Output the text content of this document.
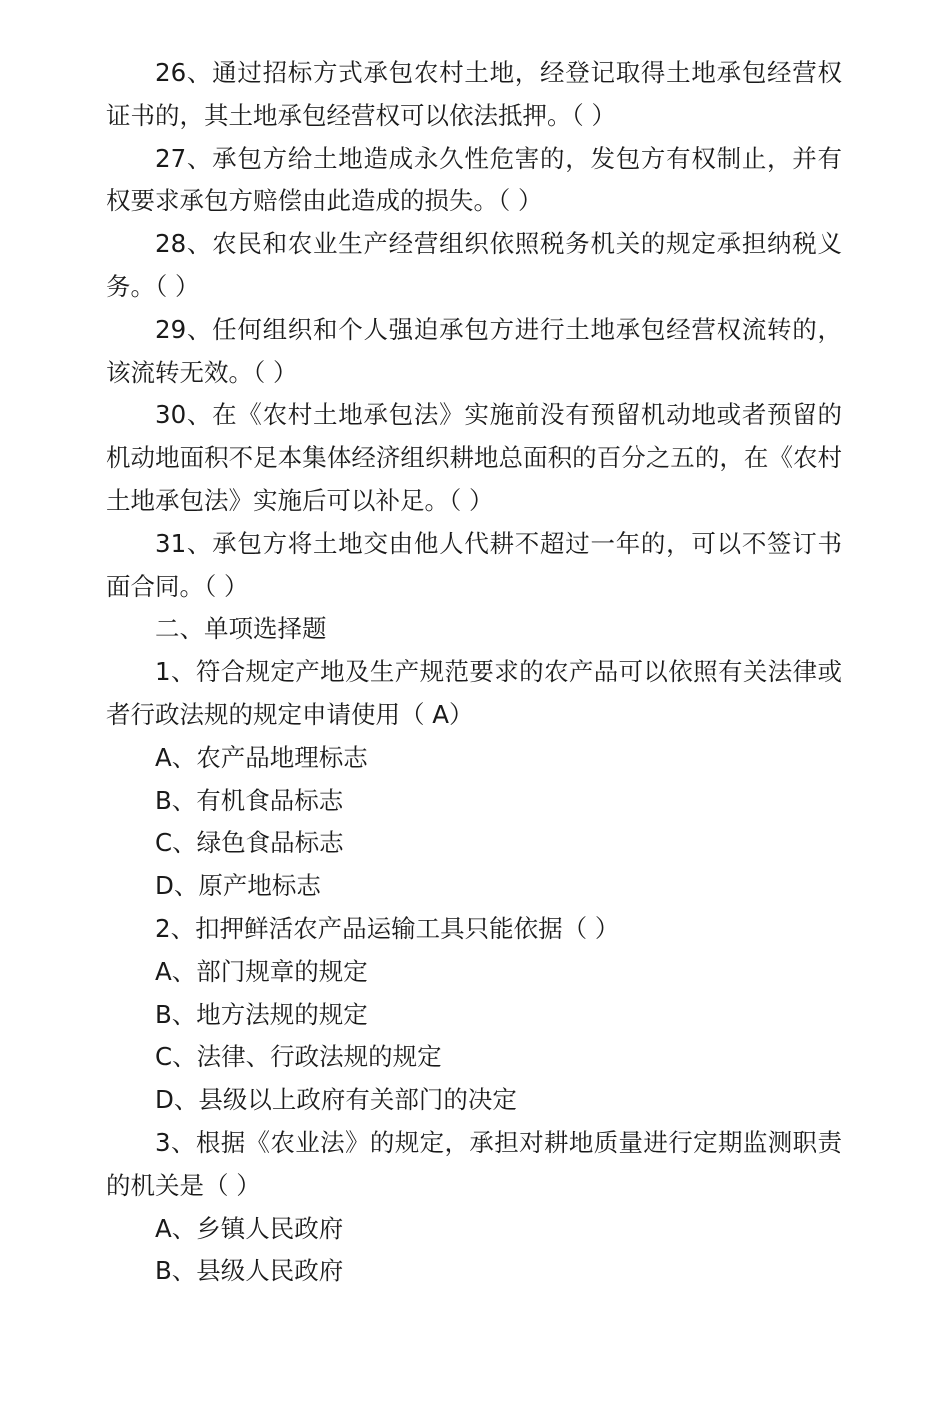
26、通过招标方式承包农村土地，经登记取得土地承包经营权证书的，其土地承包经营权可以依法抵押。（ ）

27、承包方给土地造成永久性危害的，发包方有权制止，并有权要求承包方赔偿由此造成的损失。（ ）

28、农民和农业生产经营组织依照税务机关的规定承担纳税义务。（ ）

29、任何组织和个人强迫承包方进行土地承包经营权流转的，该流转无效。（ ）

30、在《农村土地承包法》实施前没有预留机动地或者预留的机动地面积不足本集体经济组织耕地总面积的百分之五的，在《农村土地承包法》实施后可以补足。（ ）

31、承包方将土地交由他人代耕不超过一年的，可以不签订书面合同。（ ）

二、单项选择题

1、符合规定产地及生产规范要求的农产品可以依照有关法律或者行政法规的规定申请使用（ A）

A、农产品地理标志

B、有机食品标志

C、绿色食品标志

D、原产地标志

2、扣押鲜活农产品运输工具只能依据（ ）

A、部门规章的规定

B、地方法规的规定

C、法律、行政法规的规定

D、县级以上政府有关部门的决定

3、根据《农业法》的规定，承担对耕地质量进行定期监测职责的机关是（ ）

A、乡镇人民政府

B、县级人民政府
